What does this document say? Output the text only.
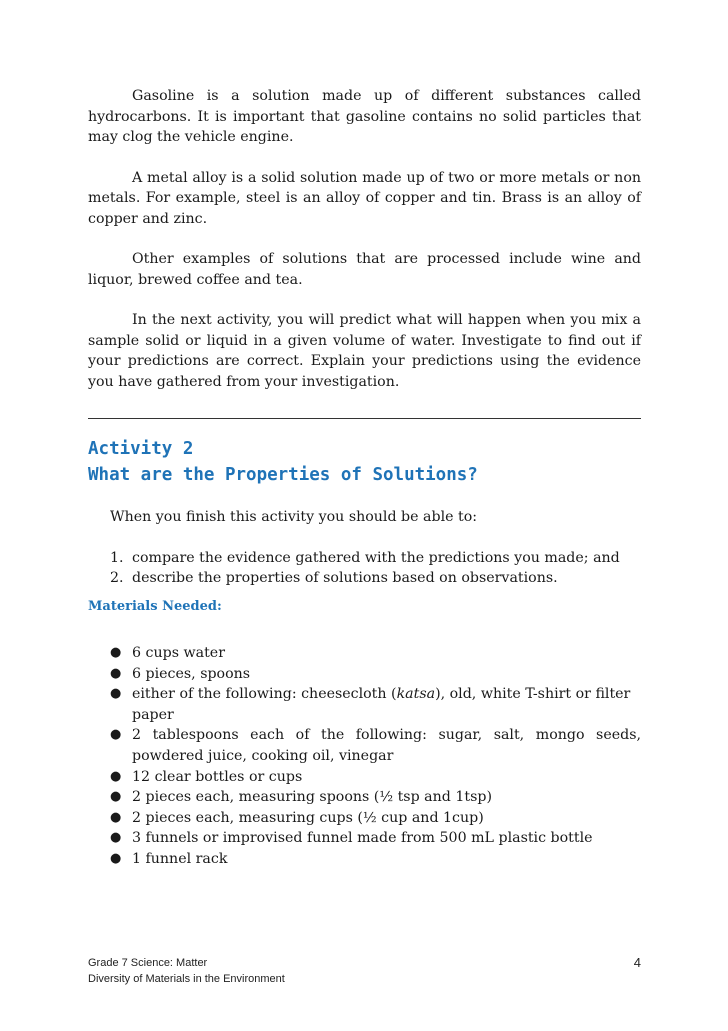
Gasoline is a solution made up of different substances called hydrocarbons. It is important that gasoline contains no solid particles that may clog the vehicle engine.

A metal alloy is a solid solution made up of two or more metals or non metals. For example, steel is an alloy of copper and tin. Brass is an alloy of copper and zinc.

Other examples of solutions that are processed include wine and liquor, brewed coffee and tea.

In the next activity, you will predict what will happen when you mix a sample solid or liquid in a given volume of water. Investigate to find out if your predictions are correct. Explain your predictions using the evidence you have gathered from your investigation.

Activity 2
What are the Properties of Solutions?

When you finish this activity you should be able to:

1. compare the evidence gathered with the predictions you made; and
2. describe the properties of solutions based on observations.
Materials Needed:
● 6 cups water
● 6 pieces, spoons
● either of the following: cheesecloth (katsa), old, white T-shirt or filter
paper
● 2 tablespoons each of the following: sugar, salt, mongo seeds, powdered juice, cooking oil, vinegar
● 12 clear bottles or cups
● 2 pieces each, measuring spoons (½ tsp and 1tsp)
● 2 pieces each, measuring cups (½ cup and 1cup)
● 3 funnels or improvised funnel made from 500 mL plastic bottle
● 1 funnel rack
Grade 7 Science: Matter
Diversity of Materials in the Environment
4
